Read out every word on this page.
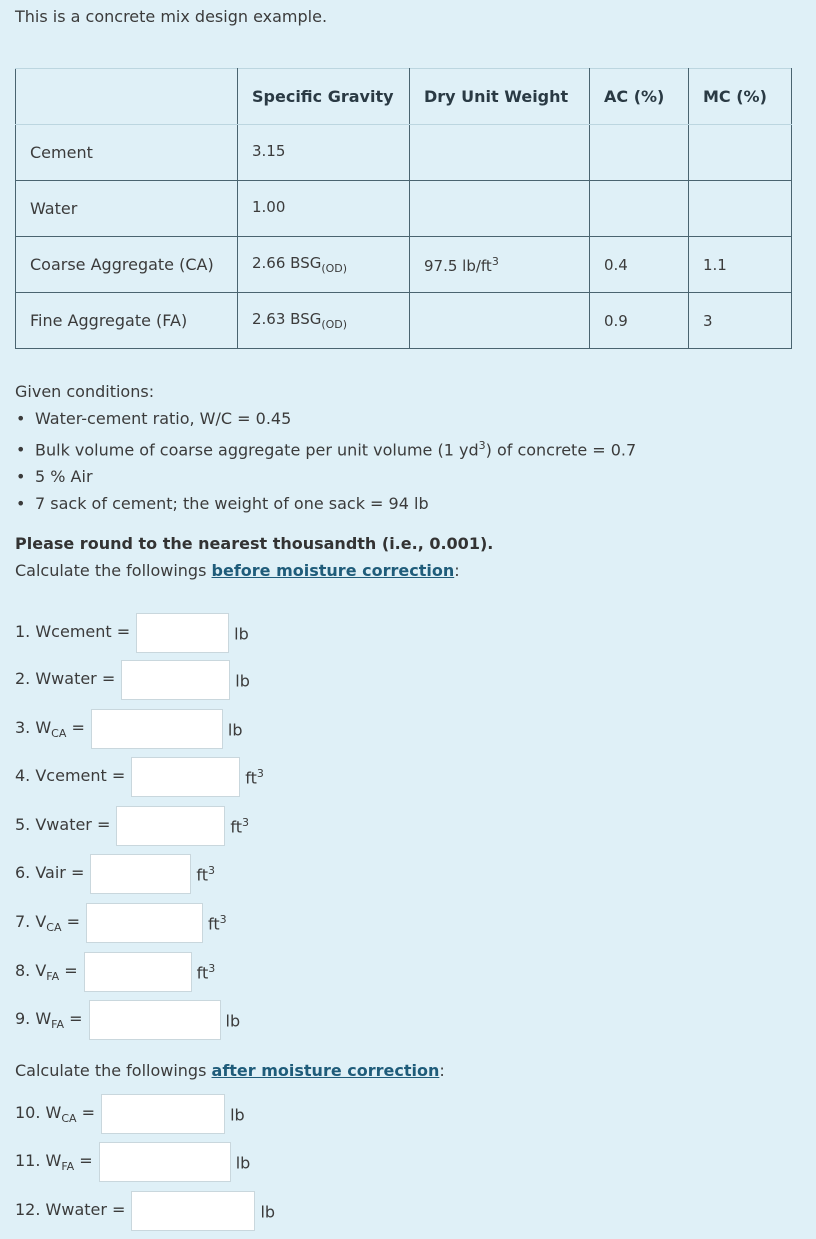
This is a concrete mix design example.
	Specific Gravity	Dry Unit Weight	AC (%)	MC (%)
Cement	3.15			
Water	1.00			
Coarse Aggregate (CA)	2.66 $BSG_{(OD)}$	97.5 $lb/ft^3$	0.4	1.1
Fine Aggregate (FA)	2.63 $BSG_{(OD)}$		0.9	3
Given conditions:
• Water-cement ratio, W/C = 0.45
• Bulk volume of coarse aggregate per unit volume (1 $yd^3$) of concrete = 0.7
• 5 % Air
• 7 sack of cement; the weight of one sack = 94 lb
Please round to the nearest thousandth (i.e., 0.001).
Calculate the followings before moisture correction:
1. Wcement =	lb
2. Wwater =	lb
3. $W_{CA}$ =	lb
4. Vcement =	$ft^3$
5. Vwater =	$ft^3$
6. Vair =	$ft^3$
7. $V_{CA}$ =	$ft^3$
8. $V_{FA}$ =	$ft^3$
9. $W_{FA}$ =	lb
Calculate the followings after moisture correction:
10. $W_{CA}$ =	lb
11. $W_{FA}$ =	lb
12. Wwater =	lb
